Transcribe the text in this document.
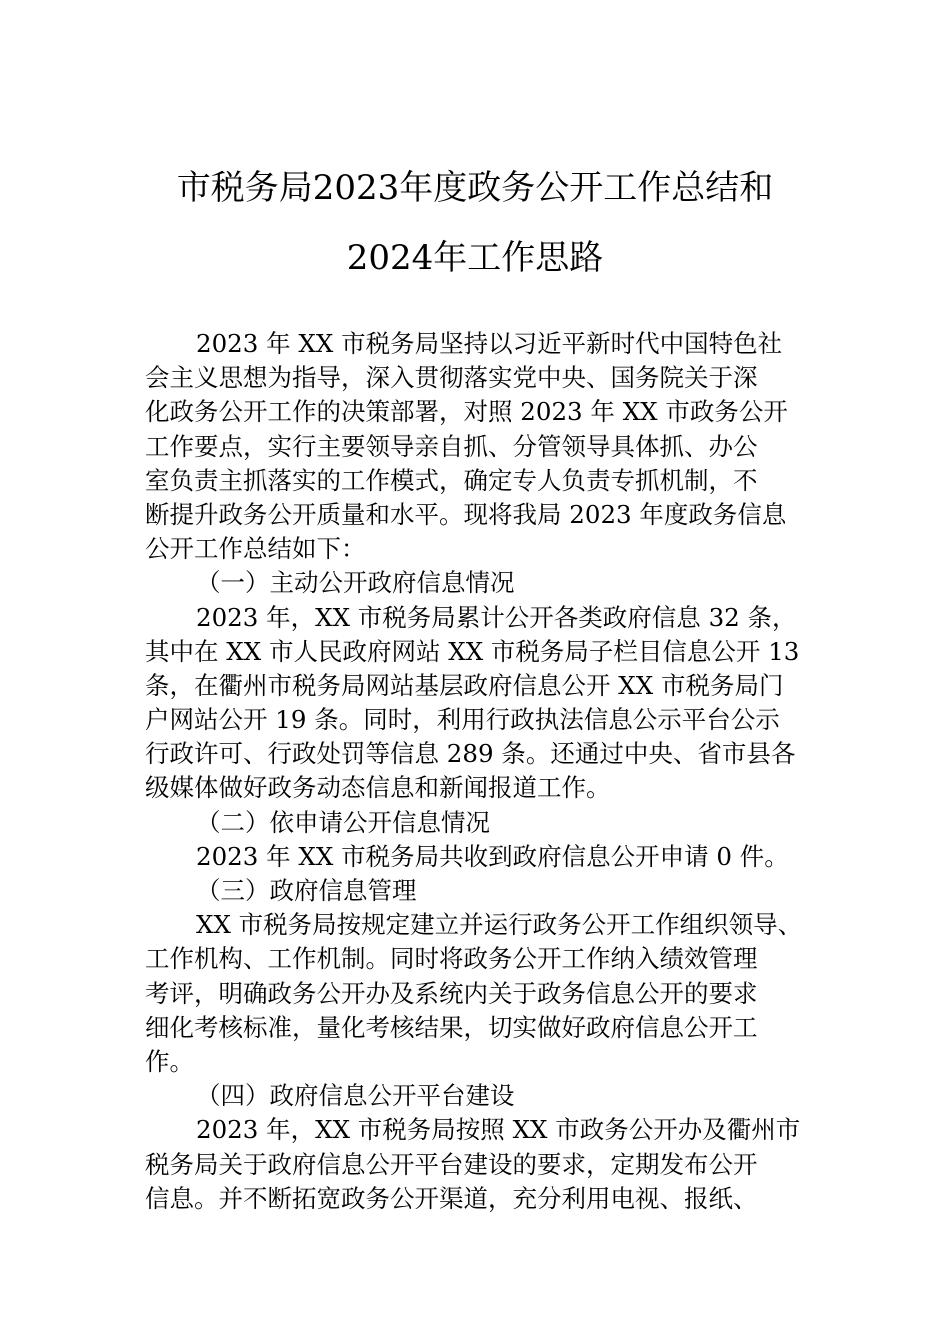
市税务局2023年度政务公开工作总结和
2024年工作思路
2023 年 XX 市税务局坚持以习近平新时代中国特色社
会主义思想为指导，深入贯彻落实党中央、国务院关于深
化政务公开工作的决策部署，对照 2023 年 XX 市政务公开
工作要点，实行主要领导亲自抓、分管领导具体抓、办公
室负责主抓落实的工作模式，确定专人负责专抓机制，不
断提升政务公开质量和水平。现将我局 2023 年度政务信息
公开工作总结如下：
（一）主动公开政府信息情况
2023 年，XX 市税务局累计公开各类政府信息 32 条，
其中在 XX 市人民政府网站 XX 市税务局子栏目信息公开 13
条，在衢州市税务局网站基层政府信息公开 XX 市税务局门
户网站公开 19 条。同时，利用行政执法信息公示平台公示
行政许可、行政处罚等信息 289 条。还通过中央、省市县各
级媒体做好政务动态信息和新闻报道工作。
（二）依申请公开信息情况
2023 年 XX 市税务局共收到政府信息公开申请 0 件。
（三）政府信息管理
XX 市税务局按规定建立并运行政务公开工作组织领导、
工作机构、工作机制。同时将政务公开工作纳入绩效管理
考评，明确政务公开办及系统内关于政务信息公开的要求
细化考核标准，量化考核结果，切实做好政府信息公开工
作。
（四）政府信息公开平台建设
2023 年，XX 市税务局按照 XX 市政务公开办及衢州市
税务局关于政府信息公开平台建设的要求，定期发布公开
信息。并不断拓宽政务公开渠道，充分利用电视、报纸、
